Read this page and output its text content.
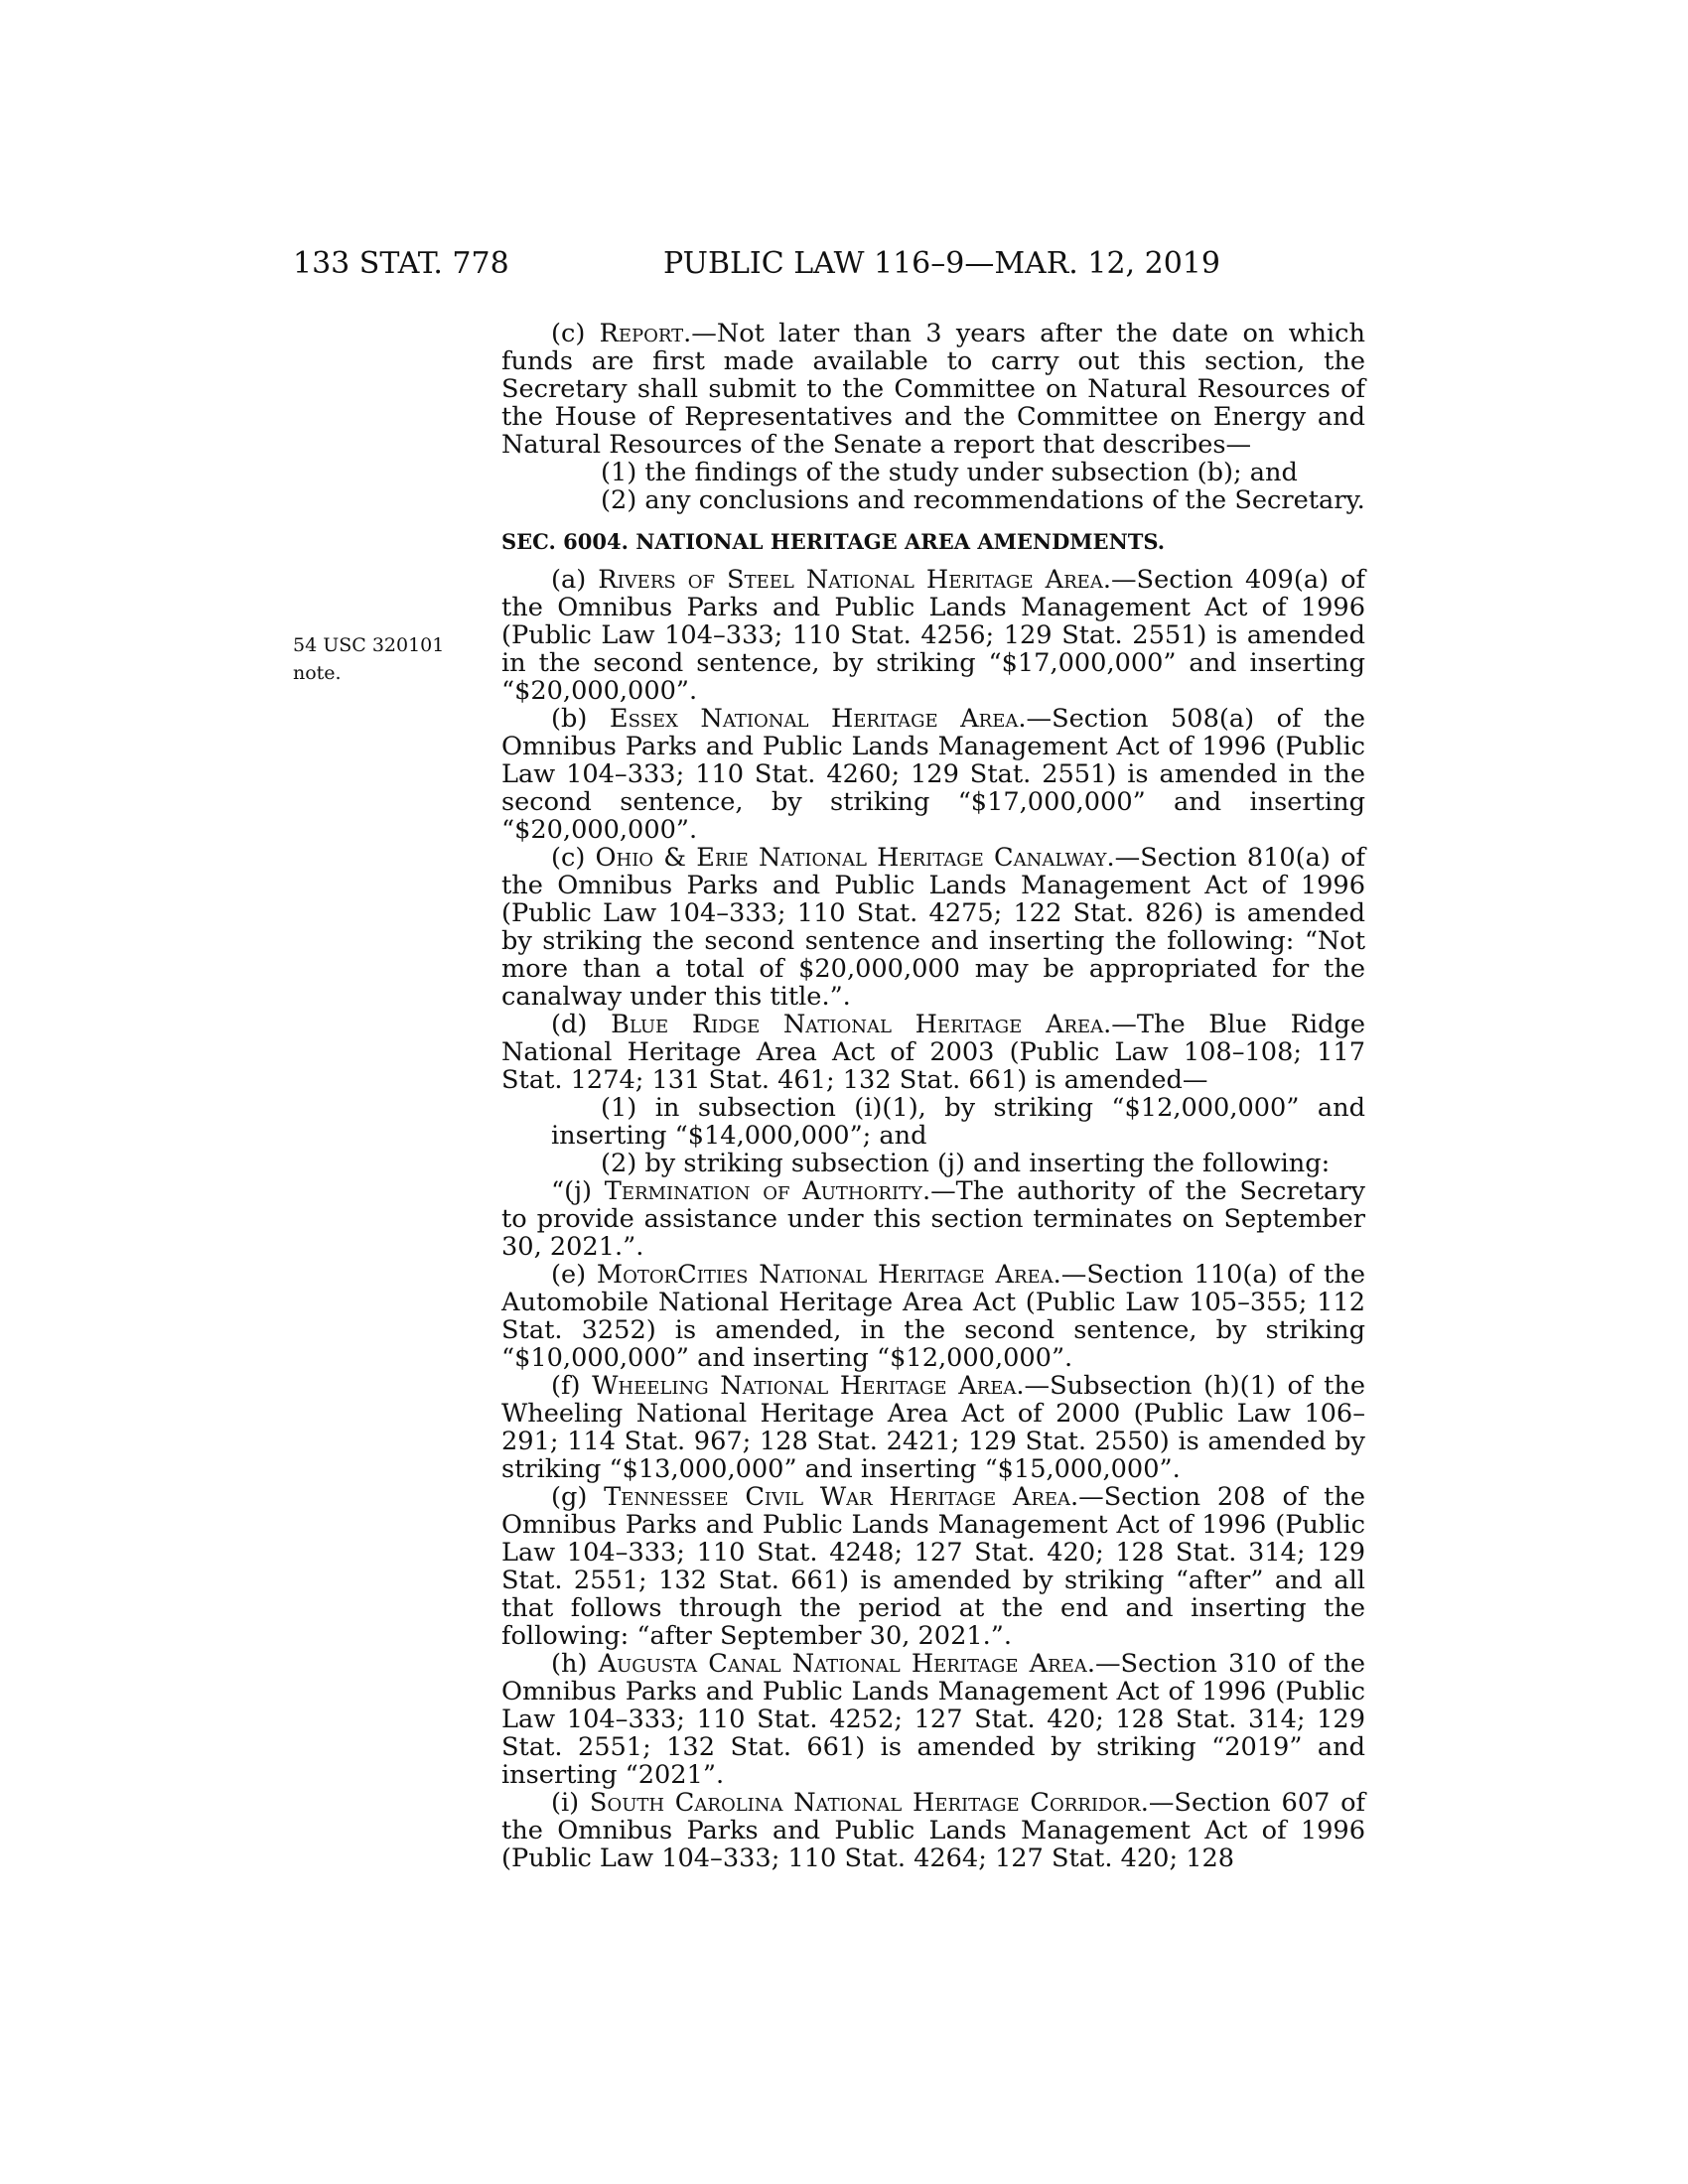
133 STAT. 778	PUBLIC LAW 116–9—MAR. 12, 2019
54 USC 320101
note.

(c) Report.—Not later than 3 years after the date on which funds are first made available to carry out this section, the Secretary shall submit to the Committee on Natural Resources of the House of Representatives and the Committee on Energy and Natural Resources of the Senate a report that describes—

(1) the findings of the study under subsection (b); and

(2) any conclusions and recommendations of the Secretary.

SEC. 6004. NATIONAL HERITAGE AREA AMENDMENTS.

(a) Rivers of Steel National Heritage Area.—Section 409(a) of the Omnibus Parks and Public Lands Management Act of 1996 (Public Law 104–333; 110 Stat. 4256; 129 Stat. 2551) is amended in the second sentence, by striking “$17,000,000” and inserting “$20,000,000”.

(b) Essex National Heritage Area.—Section 508(a) of the Omnibus Parks and Public Lands Management Act of 1996 (Public Law 104–333; 110 Stat. 4260; 129 Stat. 2551) is amended in the second sentence, by striking “$17,000,000” and inserting “$20,000,000”.

(c) Ohio & Erie National Heritage Canalway.—Section 810(a) of the Omnibus Parks and Public Lands Management Act of 1996 (Public Law 104–333; 110 Stat. 4275; 122 Stat. 826) is amended by striking the second sentence and inserting the following: “Not more than a total of $20,000,000 may be appropriated for the canalway under this title.”.

(d) Blue Ridge National Heritage Area.—The Blue Ridge National Heritage Area Act of 2003 (Public Law 108–108; 117 Stat. 1274; 131 Stat. 461; 132 Stat. 661) is amended—

(1) in subsection (i)(1), by striking “$12,000,000” and inserting “$14,000,000”; and

(2) by striking subsection (j) and inserting the following:

“(j) Termination of Authority.—The authority of the Secretary to provide assistance under this section terminates on September 30, 2021.”.

(e) MotorCities National Heritage Area.—Section 110(a) of the Automobile National Heritage Area Act (Public Law 105–355; 112 Stat. 3252) is amended, in the second sentence, by striking “$10,000,000” and inserting “$12,000,000”.

(f) Wheeling National Heritage Area.—Subsection (h)(1) of the Wheeling National Heritage Area Act of 2000 (Public Law 106–291; 114 Stat. 967; 128 Stat. 2421; 129 Stat. 2550) is amended by striking “$13,000,000” and inserting “$15,000,000”.

(g) Tennessee Civil War Heritage Area.—Section 208 of the Omnibus Parks and Public Lands Management Act of 1996 (Public Law 104–333; 110 Stat. 4248; 127 Stat. 420; 128 Stat. 314; 129 Stat. 2551; 132 Stat. 661) is amended by striking “after” and all that follows through the period at the end and inserting the following: “after September 30, 2021.”.

(h) Augusta Canal National Heritage Area.—Section 310 of the Omnibus Parks and Public Lands Management Act of 1996 (Public Law 104–333; 110 Stat. 4252; 127 Stat. 420; 128 Stat. 314; 129 Stat. 2551; 132 Stat. 661) is amended by striking “2019” and inserting “2021”.

(i) South Carolina National Heritage Corridor.—Section 607 of the Omnibus Parks and Public Lands Management Act of 1996 (Public Law 104–333; 110 Stat. 4264; 127 Stat. 420; 128
